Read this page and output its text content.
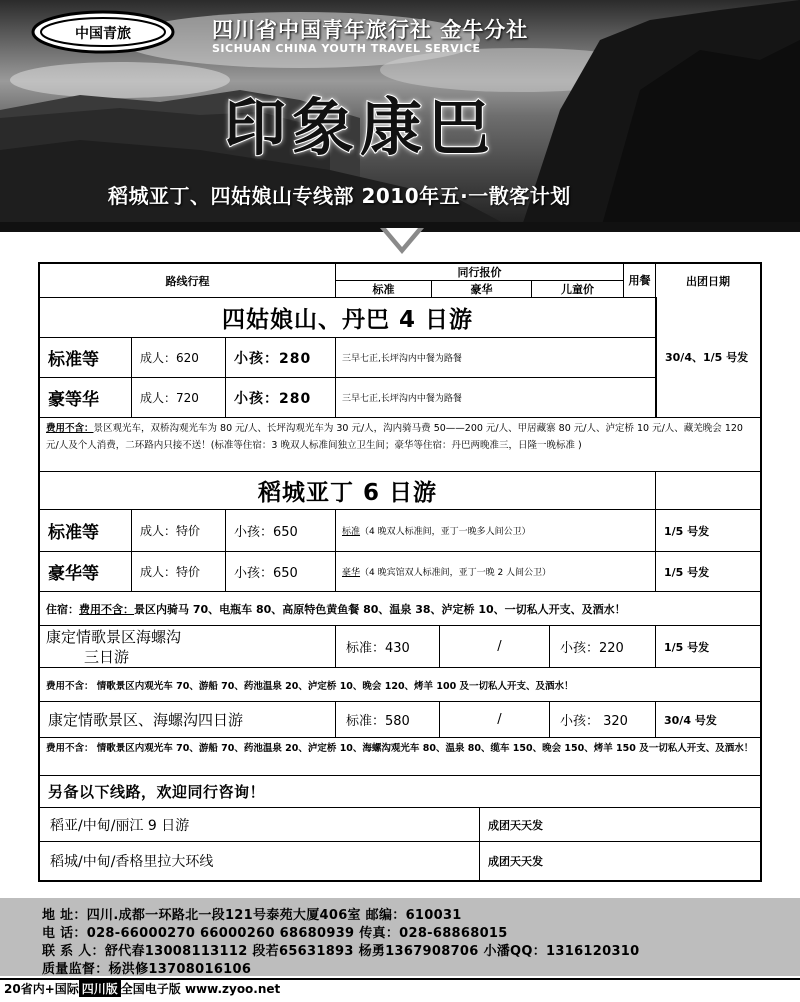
中国青旅	四川省中国青年旅行社 金牛分社
SICHUAN CHINA YOUTH TRAVEL SERVICE
印象康巴
稻城亚丁、四姑娘山专线部 2010年五·一散客计划
路线行程
同行报价
标准	豪华	儿童价
用餐	出团日期
四姑娘山、丹巴 4 日游
标准等	成人：620	小孩：280	三早七正,长坪沟内中餐为路餐
豪等华	成人：720	小孩：280	三早七正,长坪沟内中餐为路餐
30/4、1/5 号发
费用不含：景区观光车，双桥沟观光车为 80 元/人、长坪沟观光车为 30 元/人，沟内骑马费 50——200 元/人、甲居藏寨 80 元/人、泸定桥 10 元/人、藏羌晚会 120 元/人及个人消费，二环路内只接不送！(标准等住宿：3 晚双人标准间独立卫生间；豪华等住宿：丹巴两晚准三，日隆一晚标准 )
稻城亚丁 6 日游
标准等	成人：特价	小孩：650	标准 （4 晚双人标准间，亚丁一晚多人间公卫）	1/5 号发
豪华等	成人：特价	小孩：650	豪华 （4 晚宾馆双人标准间，亚丁一晚 2 人间公卫）	1/5 号发
住宿： 费用不含： 景区内骑马 70、电瓶车 80、高原特色黄鱼餐 80、温泉 38、泸定桥 10、一切私人开支、及酒水！
康定情歌景区海螺沟
三日游	标准：430	/	小孩：220	1/5 号发
费用不含： 情歌景区内观光车 70、游船 70、药池温泉 20、泸定桥 10、晚会 120、烤羊 100 及一切私人开支、及酒水！
康定情歌景区、海螺沟四日游	标准：580	/	小孩： 320	30/4 号发
费用不含： 情歌景区内观光车 70、游船 70、药池温泉 20、泸定桥 10、海螺沟观光车 80、温泉 80、缆车 150、晚会 150、烤羊 150 及一切私人开支、及酒水！
另备以下线路，欢迎同行咨询！
稻亚/中甸/丽江 9 日游	成团天天发
稻城/中甸/香格里拉大环线	成团天天发
地 址：四川.成都一环路北一段121号泰苑大厦406室 邮编：610031
电 话：028-66000270 66000260 68680939 传真：028-68868015
联 系 人：舒代春13008113112 段若65631893 杨勇1367908706 小潘QQ：1316120310
质量监督：杨洪修13708016106
20省内+国际 四川版全国电子版 www.zyoo.net
